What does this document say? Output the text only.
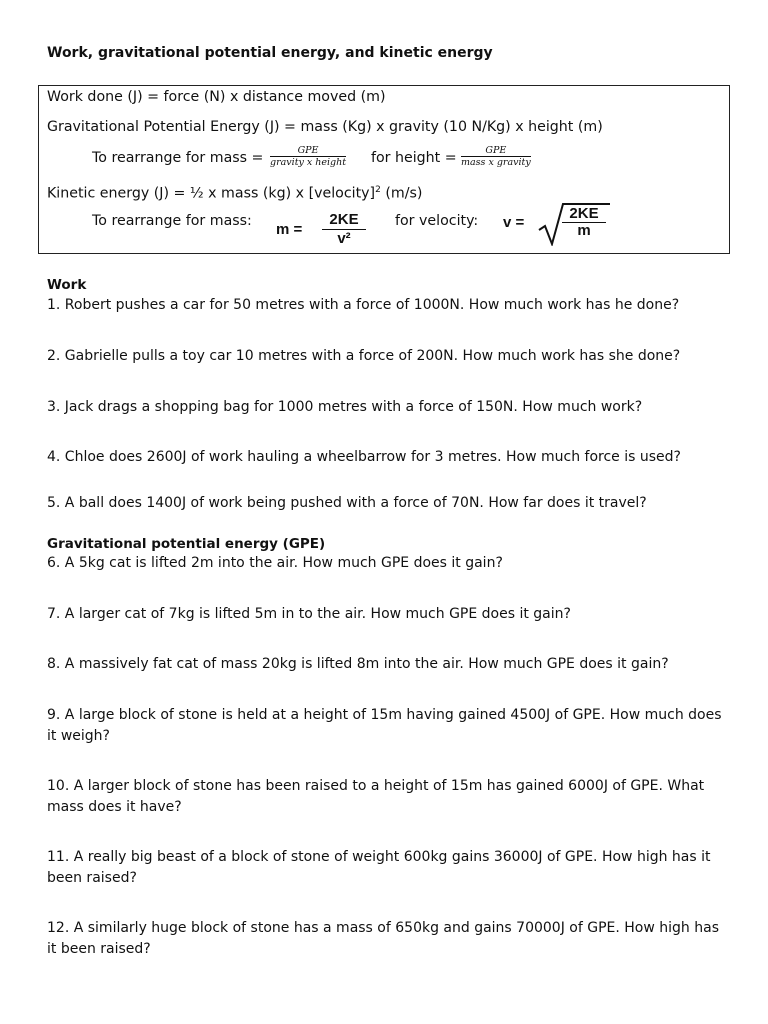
Work, gravitational potential energy, and kinetic energy
Work done (J) = force (N) x distance moved (m)
Gravitational Potential Energy (J) = mass (Kg) x gravity (10 N/Kg) x height (m)
To rearrange for mass =	GPE
gravity x height for height =	GPE
mass x gravity
Kinetic energy (J) = ½ x mass (kg) x [velocity]$^2$ (m/s)
To rearrange for mass: m =
2KE
v²
for velocity: v =
2KE
m
Work
1. Robert pushes a car for 50 metres with a force of 1000N. How much work has he done?
2. Gabrielle pulls a toy car 10 metres with a force of 200N. How much work has she done?
3. Jack drags a shopping bag for 1000 metres with a force of 150N. How much work?
4. Chloe does 2600J of work hauling a wheelbarrow for 3 metres. How much force is used?
5. A ball does 1400J of work being pushed with a force of 70N. How far does it travel?
Gravitational potential energy (GPE)
6. A 5kg cat is lifted 2m into the air. How much GPE does it gain?
7. A larger cat of 7kg is lifted 5m in to the air. How much GPE does it gain?
8. A massively fat cat of mass 20kg is lifted 8m into the air. How much GPE does it gain?
9. A large block of stone is held at a height of 15m having gained 4500J of GPE. How much does it weigh?
10. A larger block of stone has been raised to a height of 15m has gained 6000J of GPE. What mass does it have?
11. A really big beast of a block of stone of weight 600kg gains 36000J of GPE. How high has it been raised?
12. A similarly huge block of stone has a mass of 650kg and gains 70000J of GPE. How high has it been raised?
